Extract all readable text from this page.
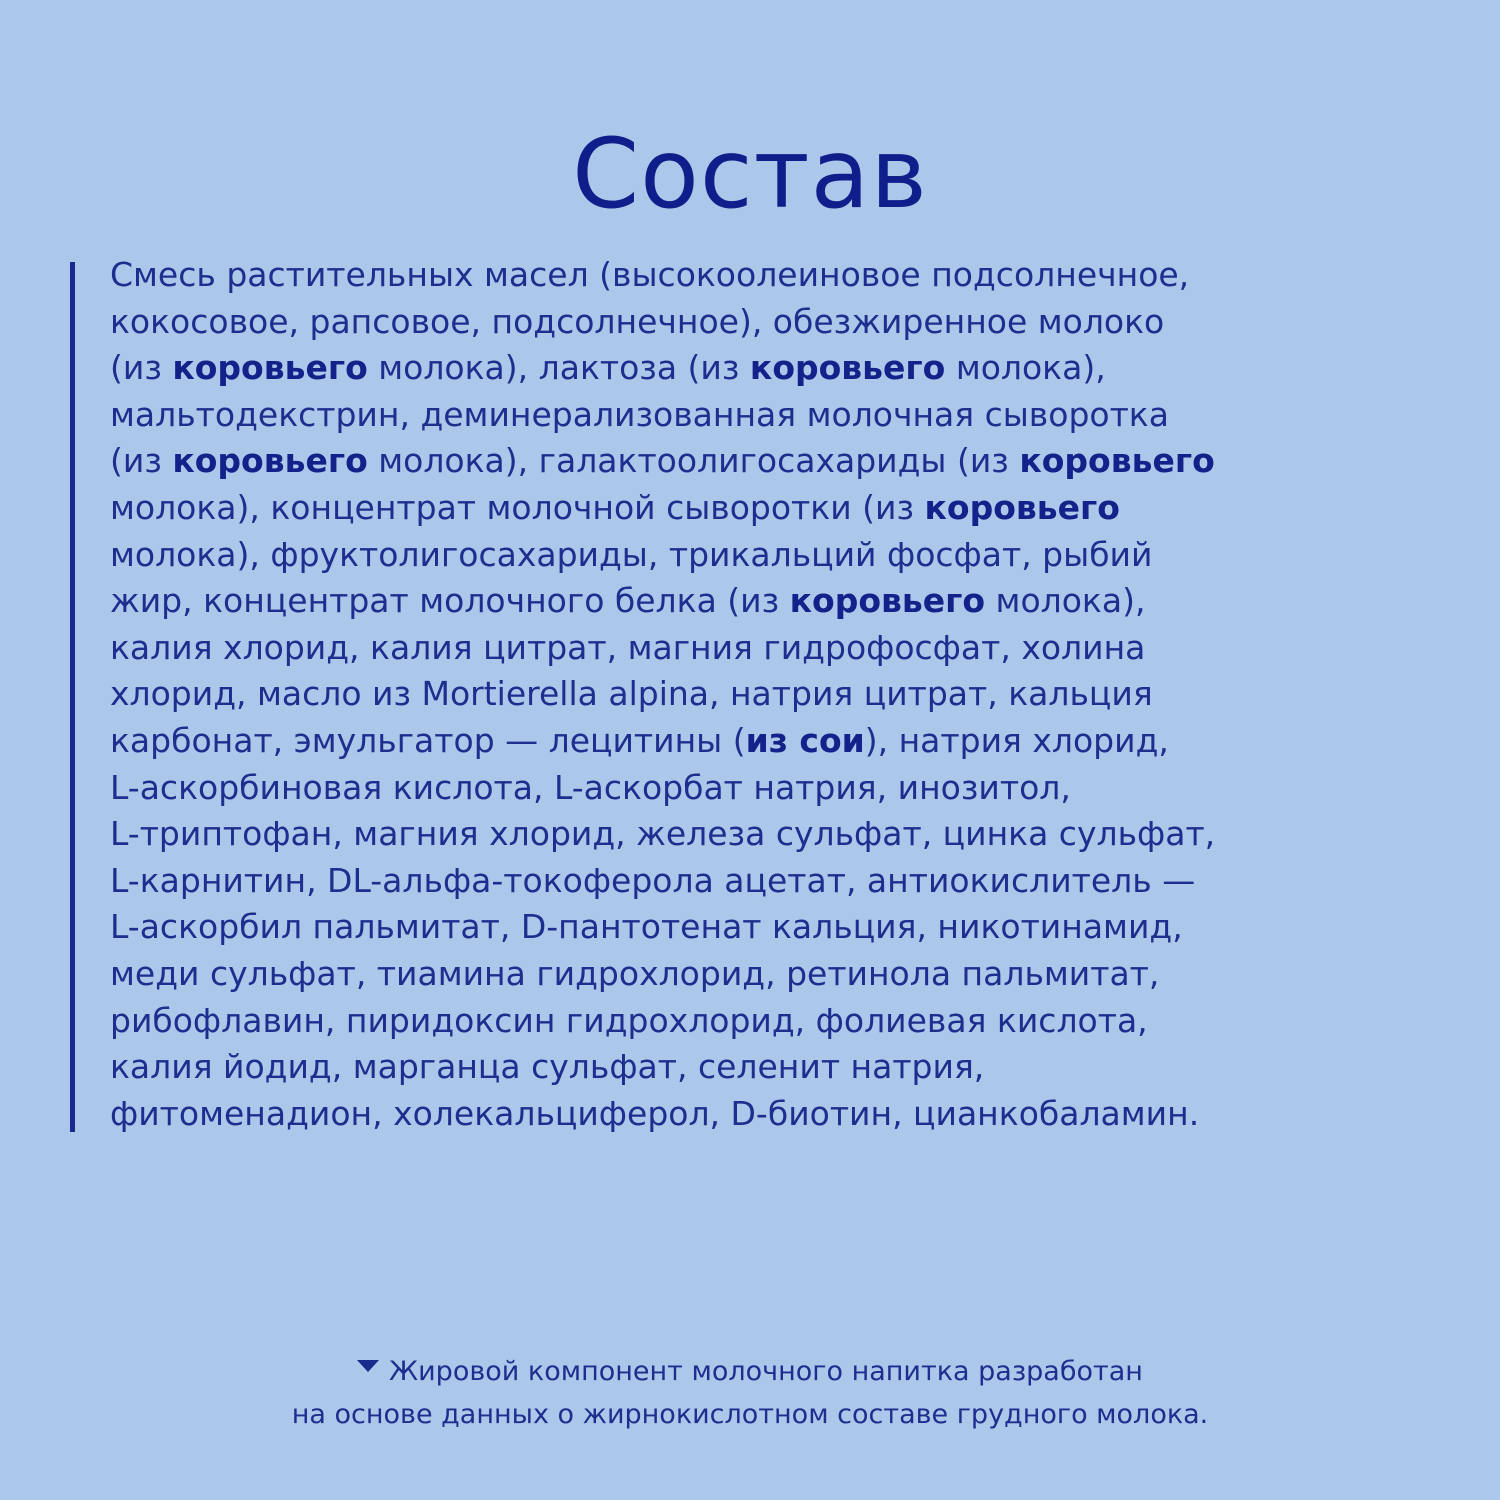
Состав
Смесь растительных масел (высокоолеиновое подсолнечное,
кокосовое, рапсовое, подсолнечное), обезжиренное молоко
(из коровьего молока), лактоза (из коровьего молока),
мальтодекстрин, деминерализованная молочная сыворотка
(из коровьего молока), галактоолигосахариды (из коровьего
молока), концентрат молочной сыворотки (из коровьего
молока), фруктолигосахариды, трикальций фосфат, рыбий
жир, концентрат молочного белка (из коровьего молока),
калия хлорид, калия цитрат, магния гидрофосфат, холина
хлорид, масло из Mortierella alpina, натрия цитрат, кальция
карбонат, эмульгатор — лецитины (из сои), натрия хлорид,
L-аскорбиновая кислота, L-аскорбат натрия, инозитол,
L-триптофан, магния хлорид, железа сульфат, цинка сульфат,
L-карнитин, DL-альфа-токоферола ацетат, антиокислитель —
L-аскорбил пальмитат, D-пантотенат кальция, никотинамид,
меди сульфат, тиамина гидрохлорид, ретинола пальмитат,
рибофлавин, пиридоксин гидрохлорид, фолиевая кислота,
калия йодид, марганца сульфат, селенит натрия,
фитоменадион, холекальциферол, D-биотин, цианкобаламин.
Жировой компонент молочного напитка разработан
на основе данных о жирнокислотном составе грудного молока.
